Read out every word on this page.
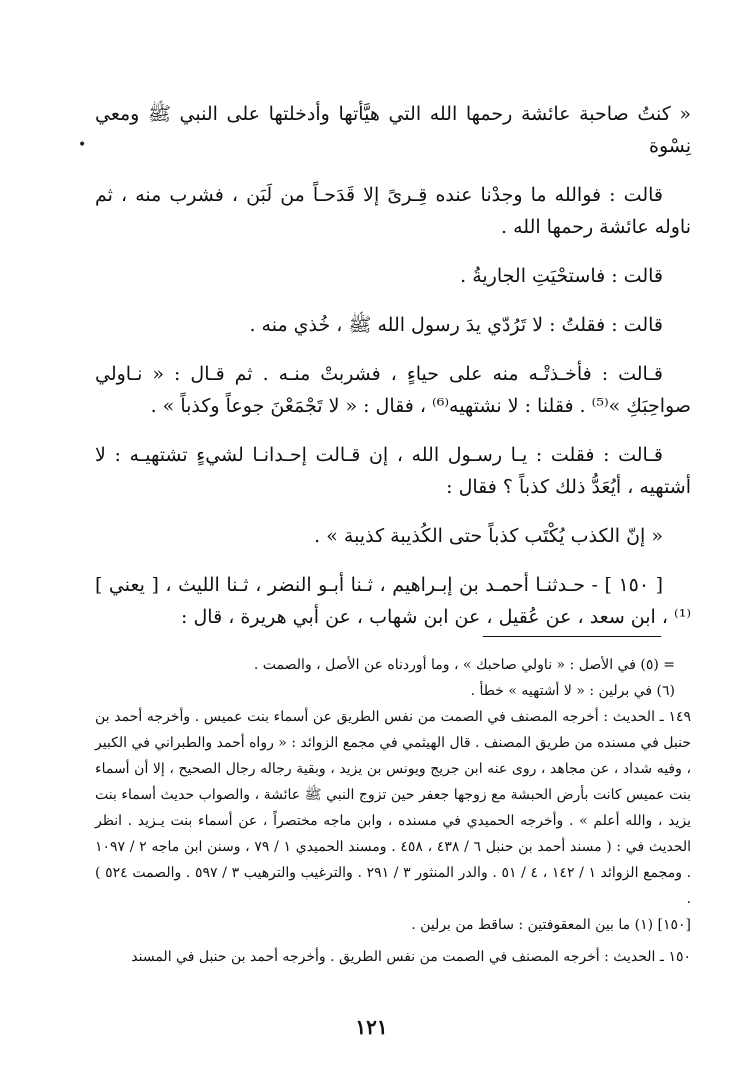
•

« كنتُ صاحبة عائشة رحمها الله التي هيَّأتها وأدخلتها على النبي ﷺ ومعي نِسْوة

قالت : فوالله ما وجدْنا عنده قِـرىً إلا قَدَحـاً من لَبَن ، فشرب منه ، ثم ناوله عائشة رحمها الله .

قالت : فاستحْيَتِ الجاريةُ .

قالت : فقلتُ : لا تَرُدّي يدَ رسول الله ﷺ ، خُذي منه .

قـالت : فأخـذتْـه منه على حياءٍ ، فشربتْ منـه . ثم قـال : « نـاولي صواحِبَكِ »⁽⁵⁾ . فقلنا : لا نشتهيه⁽⁶⁾ ، فقال : « لا تَجْمَعْنَ جوعاً وكذباً » .

قـالت : فقلت : يـا رسـول الله ، إن قـالت إحـدانـا لشيءٍ تشتهيـه : لا أشتهيه ، أيُعَدُّ ذلك كذباً ؟ فقال :

« إنّ الكذب يُكْتَب كذباً حتى الكُذيبة كذيبة » .

[ ١٥٠ ] - حـدثنـا أحمـد بن إبـراهيم ، ثـنا أبـو النضر ، ثـنا الليث ، [ يعني ]⁽¹⁾ ، ابن سعد ، عن عُقيل ، عن ابن شهاب ، عن أبي هريرة ، قال :

= (٥) في الأصل : « ناولي صاحبك » ، وما أوردناه عن الأصل ، والصمت .

(٦) في برلين : « لا أشتهيه » خطأ .

١٤٩ ـ الحديث : أخرجه المصنف في الصمت من نفس الطريق عن أسماء بنت عميس . وأخرجه أحمد بن حنبل في مسنده من طريق المصنف . قال الهيثمي في مجمع الزوائد : « رواه أحمد والطبراني في الكبير ، وفيه شداد ، عن مجاهد ، روى عنه ابن جريج ويونس بن يزيد ، وبقية رجاله رجال الصحيح ، إلا أن أسماء بنت عميس كانت بأرض الحبشة مع زوجها جعفر حين تزوج النبي ﷺ عائشة ، والصواب حديث أسماء بنت يزيد ، والله أعلم » . وأخرجه الحميدي في مسنده ، وابن ماجه مختصراً ، عن أسماء بنت يـزيد . انظر الحديث في : ( مسند أحمد بن حنبل ٦ / ٤٣٨ ، ٤٥٨ . ومسند الحميدي ١ / ٧٩ ، وسنن ابن ماجه ٢ / ١٠٩٧ . ومجمع الزوائد ١ / ١٤٢ ، ٤ / ٥١ . والدر المنثور ٣ / ٢٩١ . والترغيب والترهيب ٣ / ٥٩٧ . والصمت ٥٢٤ ) .

[١٥٠] (١) ما بين المعقوفتين : ساقط من برلين .

١٥٠ ـ الحديث : أخرجه المصنف في الصمت من نفس الطريق . وأخرجه أحمد بن حنبل في المسند

١٢١
